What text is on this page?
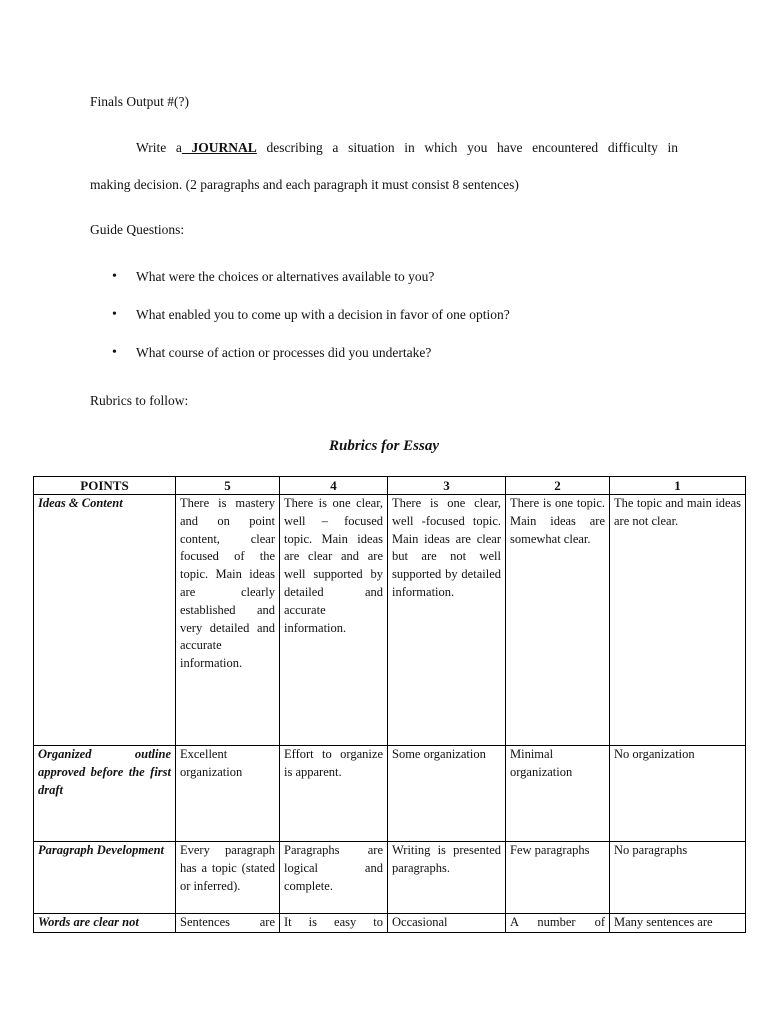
Finals Output #(?)
Write a JOURNAL describing a situation in which you have encountered difficulty in
making decision. (2 paragraphs and each paragraph it must consist 8 sentences)
Guide Questions:
• What were the choices or alternatives available to you?
• What enabled you to come up with a decision in favor of one option?
• What course of action or processes did you undertake?
Rubrics to follow:
Rubrics for Essay
POINTS	5	4	3	2	1
Ideas & Content	There is mastery and on point content, clear focused of the topic. Main ideas are clearly established and very detailed and accurate information.	There is one clear, well – focused topic. Main ideas are clear and are well supported by detailed and accurate information.	There is one clear, well -focused topic. Main ideas are clear but are not well supported by detailed information.	There is one topic. Main ideas are somewhat clear.	The topic and main ideas are not clear.
Organized outline approved before the first draft	Excellent organization	Effort to organize is apparent.	Some organization	Minimal organization	No organization
Paragraph Development	Every paragraph has a topic (stated or inferred).	Paragraphs are logical and complete.	Writing is presented paragraphs.	Few paragraphs	No paragraphs
Words are clear not	Sentences are	It is easy to	Occasional	A number of	Many sentences are
